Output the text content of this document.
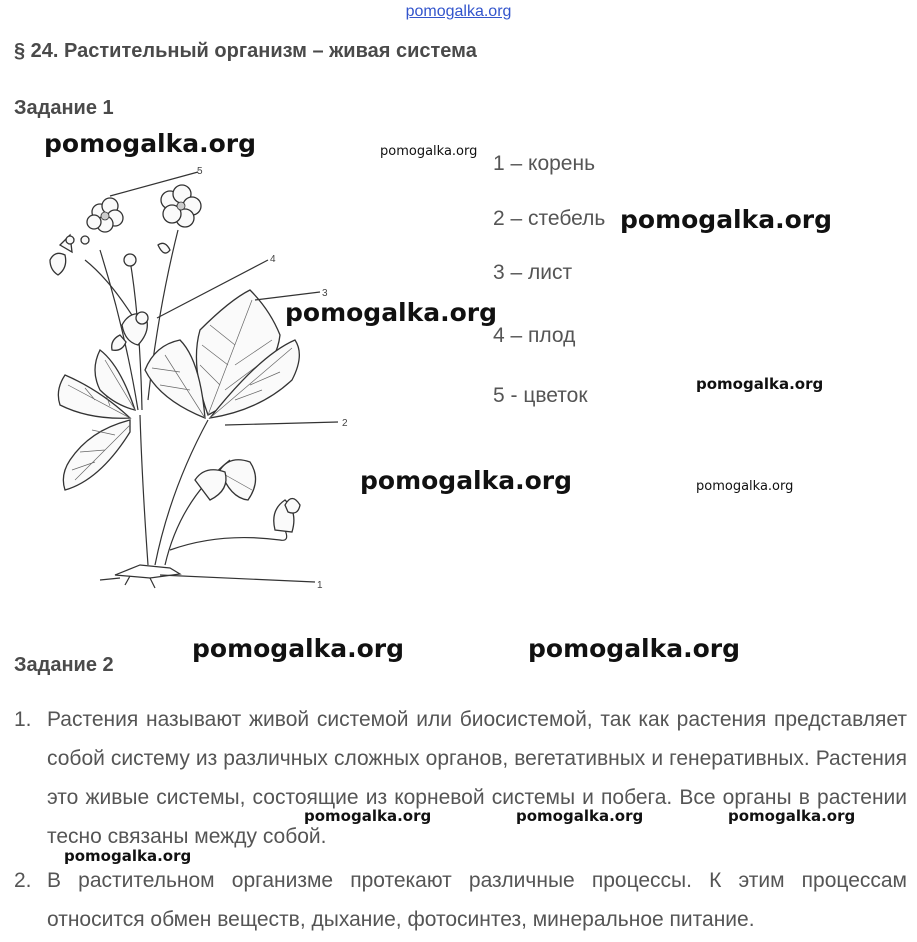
pomogalka.org
§ 24. Растительный организм – живая система
Задание 1
5
4
3
2
1
1 – корень
2 – стебель
3 – лист
4 – плод
5 - цветок
Задание 2
1. Растения называют живой системой или биосистемой, так как растения представляет собой систему из различных сложных органов, вегетативных и генеративных. Растения это живые системы, состоящие из корневой системы и побега. Все органы в растении тесно связаны между собой.
2. В растительном организме протекают различные процессы. К этим процессам относится обмен веществ, дыхание, фотосинтез, минеральное питание.
pomogalka.org	pomogalka.org
pomogalka.org
pomogalka.org
pomogalka.org
pomogalka.org	pomogalka.org
pomogalka.org	pomogalka.org
pomogalka.org	pomogalka.org	pomogalka.org
pomogalka.org
